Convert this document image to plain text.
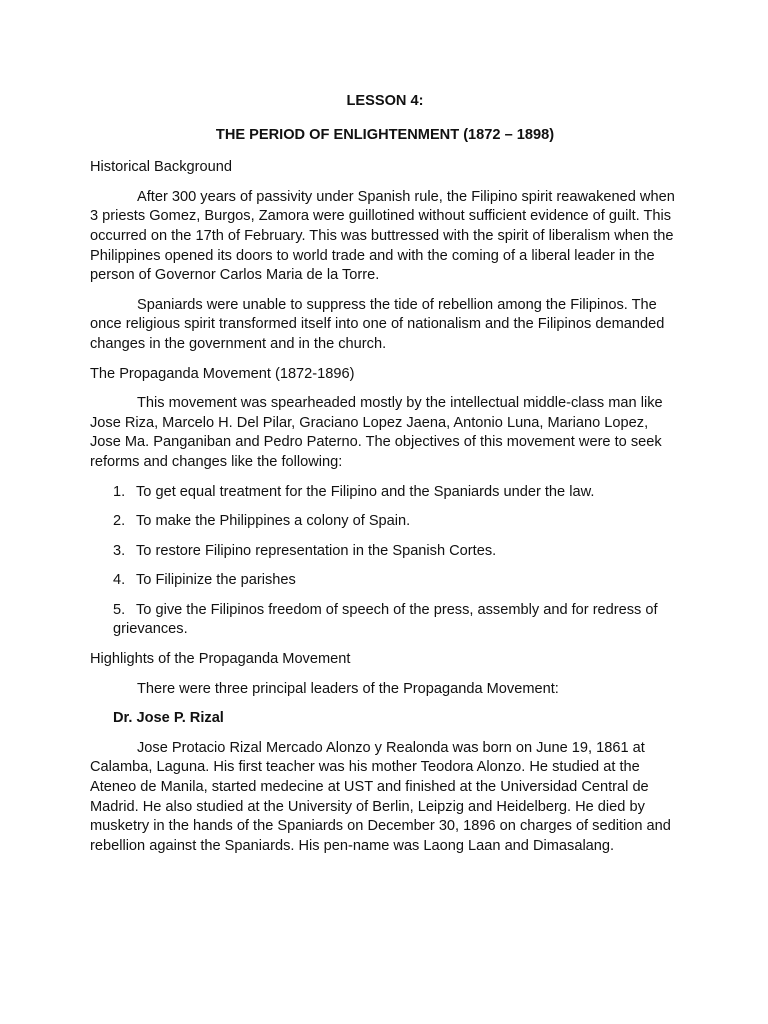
LESSON 4:

THE PERIOD OF ENLIGHTENMENT (1872 – 1898)

Historical Background

After 300 years of passivity under Spanish rule, the Filipino spirit reawakened when 3 priests Gomez, Burgos, Zamora were guillotined without sufficient evidence of guilt. This occurred on the 17th of February. This was buttressed with the spirit of liberalism when the Philippines opened its doors to world trade and with the coming of a liberal leader in the person of Governor Carlos Maria de la Torre.

Spaniards were unable to suppress the tide of rebellion among the Filipinos. The once religious spirit transformed itself into one of nationalism and the Filipinos demanded changes in the government and in the church.

The Propaganda Movement (1872-1896)

This movement was spearheaded mostly by the intellectual middle-class man like Jose Riza, Marcelo H. Del Pilar, Graciano Lopez Jaena, Antonio Luna, Mariano Lopez, Jose Ma. Panganiban and Pedro Paterno. The objectives of this movement were to seek reforms and changes like the following:

1. To get equal treatment for the Filipino and the Spaniards under the law.
2. To make the Philippines a colony of Spain.
3. To restore Filipino representation in the Spanish Cortes.
4. To Filipinize the parishes
5. To give the Filipinos freedom of speech of the press, assembly and for redress of grievances.

Highlights of the Propaganda Movement

There were three principal leaders of the Propaganda Movement:

Dr. Jose P. Rizal

Jose Protacio Rizal Mercado Alonzo y Realonda was born on June 19, 1861 at Calamba, Laguna. His first teacher was his mother Teodora Alonzo. He studied at the Ateneo de Manila, started medecine at UST and finished at the Universidad Central de Madrid. He also studied at the University of Berlin, Leipzig and Heidelberg. He died by musketry in the hands of the Spaniards on December 30, 1896 on charges of sedition and rebellion against the Spaniards. His pen-name was Laong Laan and Dimasalang.
